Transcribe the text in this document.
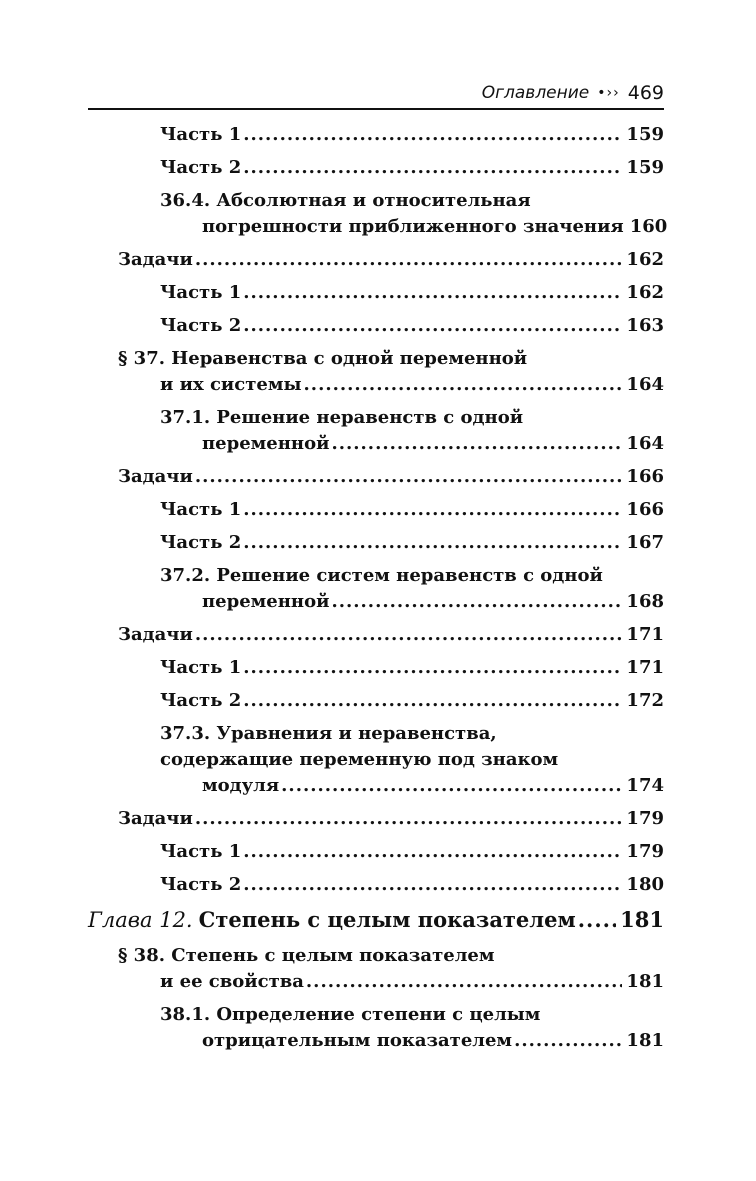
Оглавление •›› 469
Часть 1 .....	159
Часть 2 .....	159
36.4. Абсолютная и относительная
погрешности приближенного значения 160
Задачи .....	162
Часть 1 .....	162
Часть 2 .....	163
§ 37. Неравенства с одной переменной
и их системы .....	164
37.1. Решение неравенств с одной
переменной .....	164
Задачи .....	166
Часть 1 .....	166
Часть 2 .....	167
37.2. Решение систем неравенств с одной
переменной .....	168
Задачи .....	171
Часть 1 .....	171
Часть 2 .....	172
37.3. Уравнения и неравенства,
содержащие переменную под знаком
модуля .....	174
Задачи .....	179
Часть 1 .....	179
Часть 2 .....	180
Глава 12. Степень с целым показателем ..... 181
§ 38. Степень с целым показателем
и ее свойства .....	181
38.1. Определение степени с целым
отрицательным показателем .....	181
